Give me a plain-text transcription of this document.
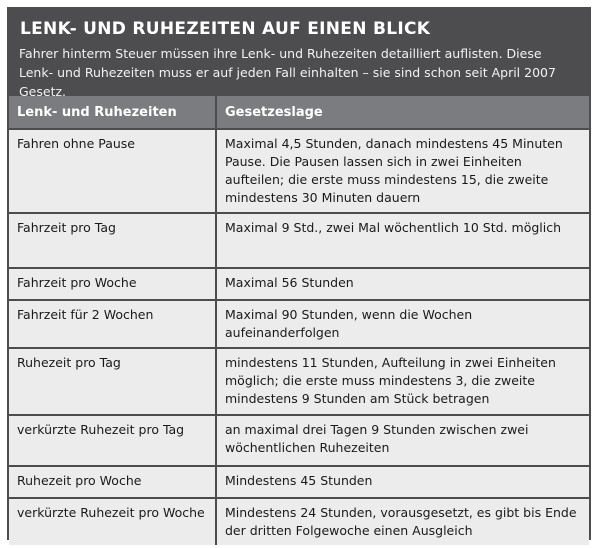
LENK- UND RUHEZEITEN AUF EINEN BLICK
Fahrer hinterm Steuer müssen ihre Lenk- und Ruhezeiten detailliert auflisten. Diese Lenk- und Ruhezeiten muss er auf jeden Fall einhalten – sie sind schon seit April 2007 Gesetz.
Lenk- und Ruhezeiten	Gesetzeslage
Fahren ohne Pause	Maximal 4,5 Stunden, danach mindestens 45 Minuten Pause. Die Pausen lassen sich in zwei Einheiten aufteilen; die erste muss mindestens 15, die zweite mindestens 30 Minuten dauern
Fahrzeit pro Tag	Maximal 9 Std., zwei Mal wöchentlich 10 Std. möglich
Fahrzeit pro Woche	Maximal 56 Stunden
Fahrzeit für 2 Wochen	Maximal 90 Stunden, wenn die Wochen aufeinanderfolgen
Ruhezeit pro Tag	mindestens 11 Stunden, Aufteilung in zwei Einheiten möglich; die erste muss mindestens 3, die zweite mindestens 9 Stunden am Stück betragen
verkürzte Ruhezeit pro Tag	an maximal drei Tagen 9 Stunden zwischen zwei wöchentlichen Ruhezeiten
Ruhezeit pro Woche	Mindestens 45 Stunden
verkürzte Ruhezeit pro Woche	Mindestens 24 Stunden, vorausgesetzt, es gibt bis Ende der dritten Folgewoche einen Ausgleich
